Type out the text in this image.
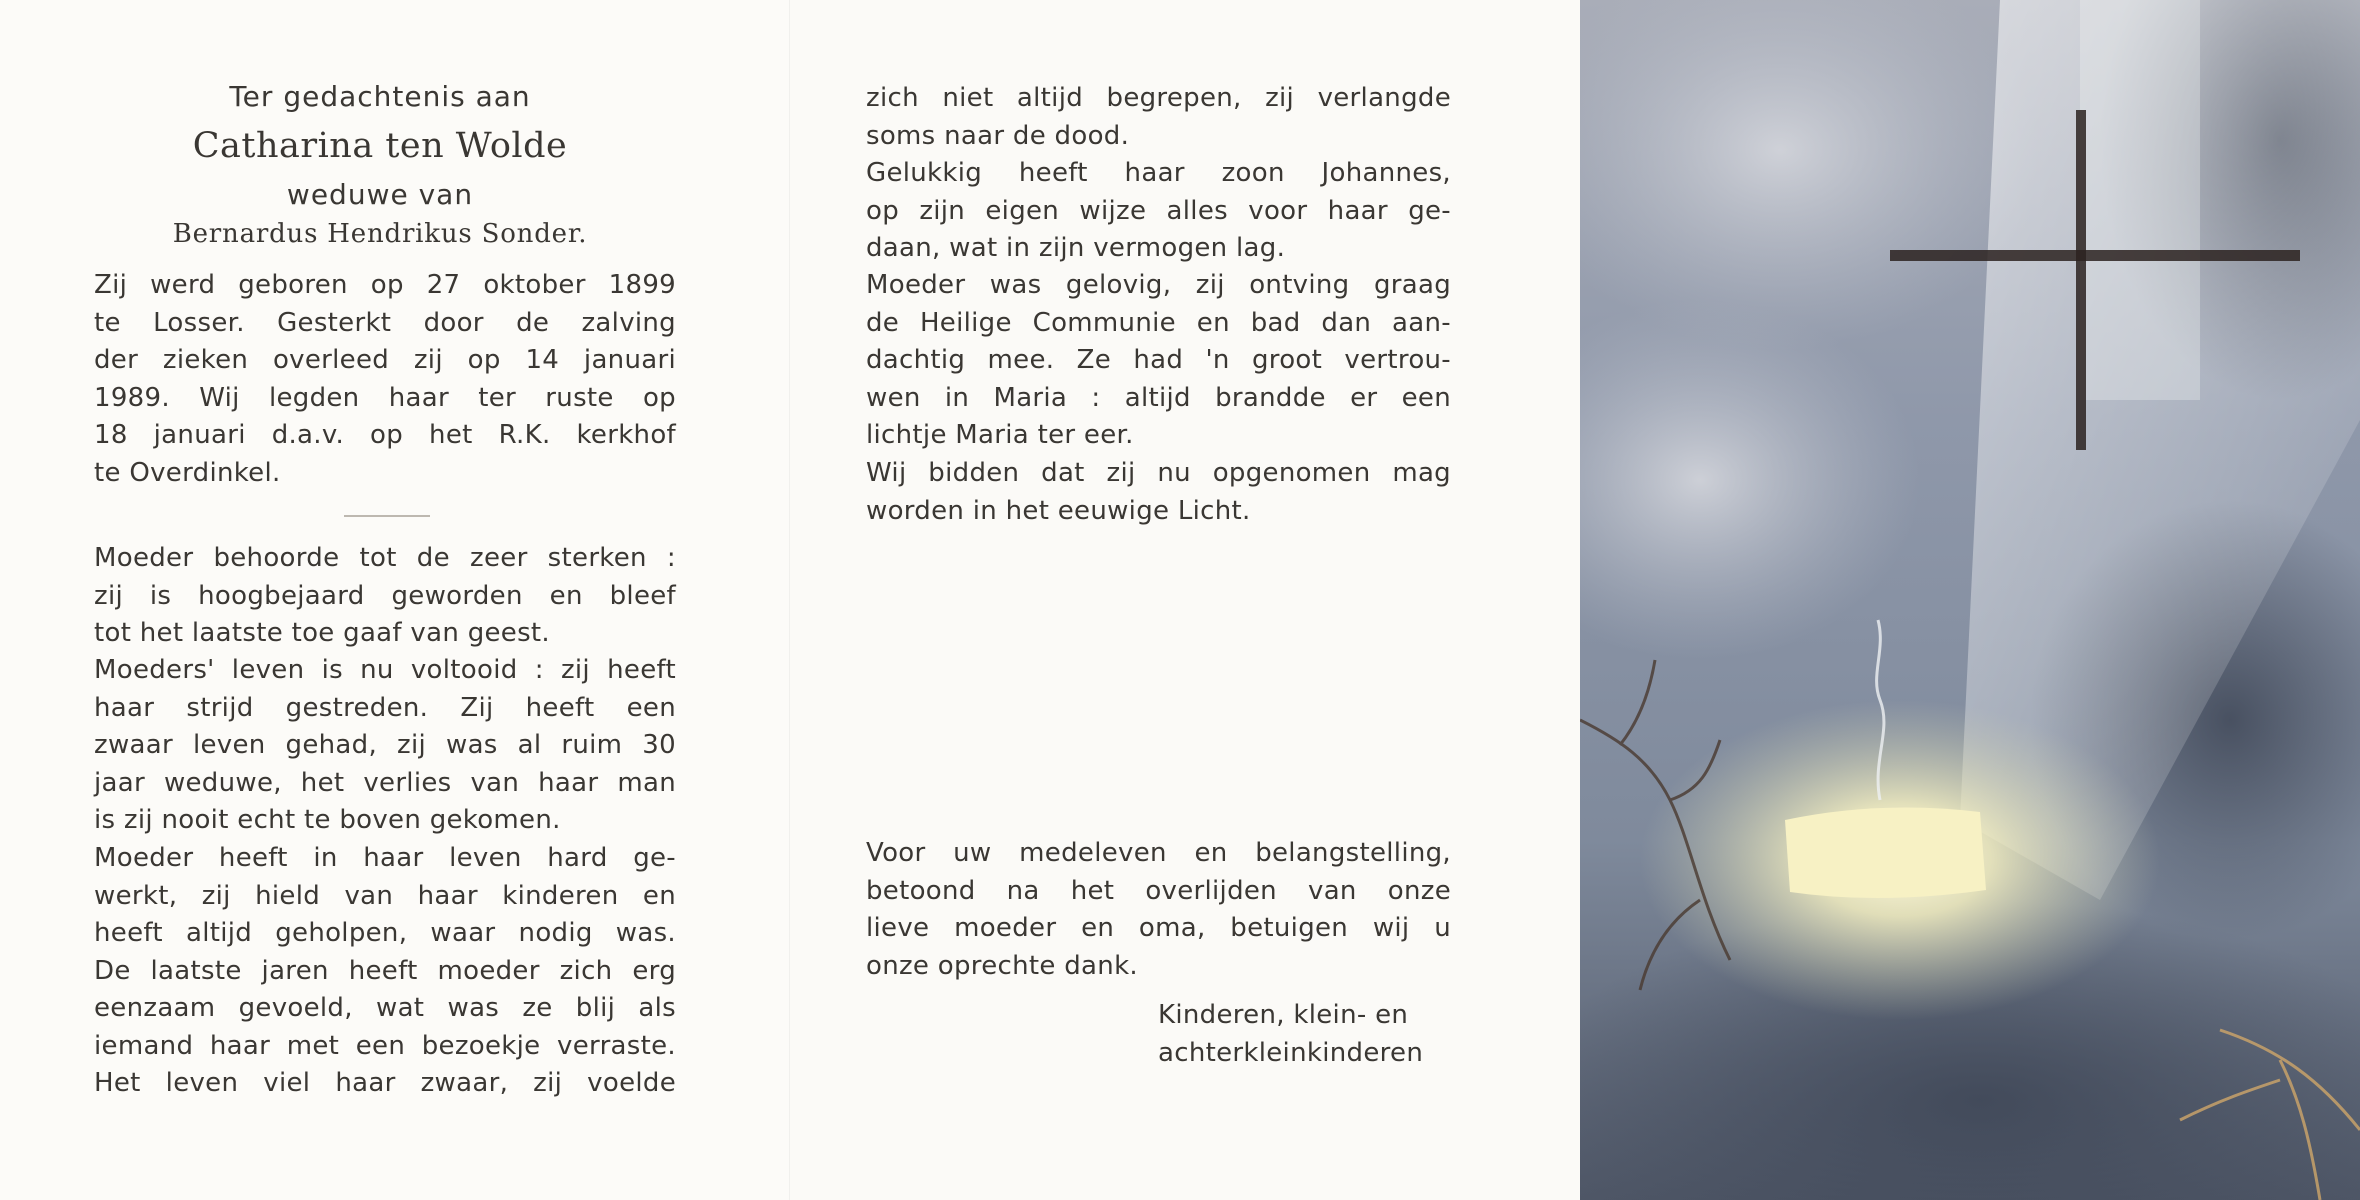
Ter gedachtenis aan
Catharina ten Wolde
weduwe van
Bernardus Hendrikus Sonder.
Zij werd geboren op 27 oktober 1899
te Losser. Gesterkt door de zalving
der zieken overleed zij op 14 januari
1989. Wij legden haar ter ruste op
18 januari d.a.v. op het R.K. kerkhof
te Overdinkel.
Moeder behoorde tot de zeer sterken :
zij is hoogbejaard geworden en bleef
tot het laatste toe gaaf van geest.
Moeders' leven is nu voltooid : zij heeft
haar strijd gestreden. Zij heeft een
zwaar leven gehad, zij was al ruim 30
jaar weduwe, het verlies van haar man
is zij nooit echt te boven gekomen.
Moeder heeft in haar leven hard ge-
werkt, zij hield van haar kinderen en
heeft altijd geholpen, waar nodig was.
De laatste jaren heeft moeder zich erg
eenzaam gevoeld, wat was ze blij als
iemand haar met een bezoekje verraste.
Het leven viel haar zwaar, zij voelde
zich niet altijd begrepen, zij verlangde
soms naar de dood.
Gelukkig heeft haar zoon Johannes,
op zijn eigen wijze alles voor haar ge-
daan, wat in zijn vermogen lag.
Moeder was gelovig, zij ontving graag
de Heilige Communie en bad dan aan-
dachtig mee. Ze had 'n groot vertrou-
wen in Maria : altijd brandde er een
lichtje Maria ter eer.
Wij bidden dat zij nu opgenomen mag
worden in het eeuwige Licht.
Voor uw medeleven en belangstelling,
betoond na het overlijden van onze
lieve moeder en oma, betuigen wij u
onze oprechte dank.
Kinderen, klein- en
achterkleinkinderen
